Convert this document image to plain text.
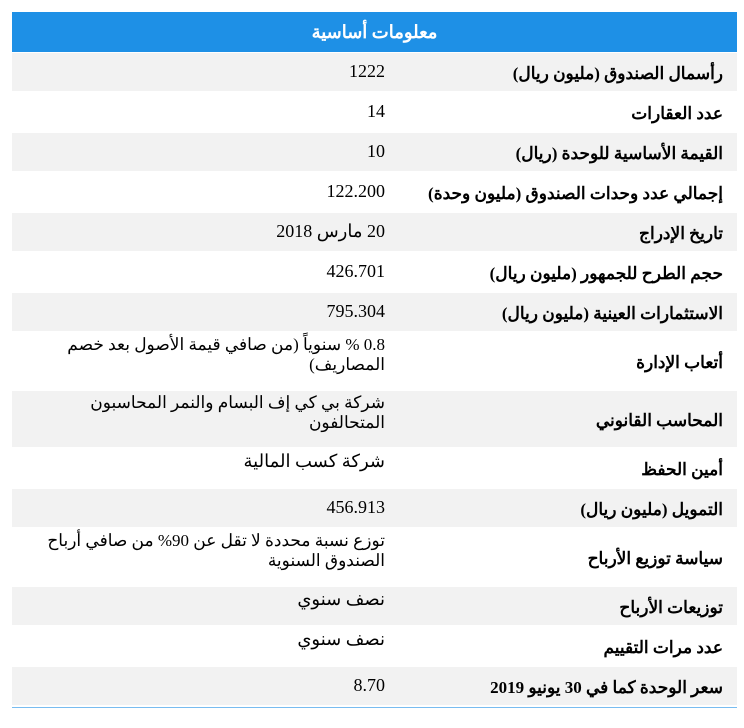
معلومات أساسية
رأسمال الصندوق (مليون ريال)
1222
عدد العقارات
14
القيمة الأساسية للوحدة (ريال)
10
إجمالي عدد وحدات الصندوق (مليون وحدة)
122.200
تاريخ الإدراج
20 مارس 2018
حجم الطرح للجمهور (مليون ريال)
426.701
الاستثمارات العينية (مليون ريال)
795.304
أتعاب الإدارة
0.8 % سنوياً (من صافي قيمة الأصول بعد خصم المصاريف)
المحاسب القانوني
شركة بي كي إف البسام والنمر المحاسبون المتحالفون
أمين الحفظ
شركة كسب المالية
التمويل (مليون ريال)
456.913
سياسة توزيع الأرباح
توزع نسبة محددة لا تقل عن 90% من صافي أرباح الصندوق السنوية
توزيعات الأرباح
نصف سنوي
عدد مرات التقييم
نصف سنوي
سعر الوحدة كما في 30 يونيو 2019
8.70
